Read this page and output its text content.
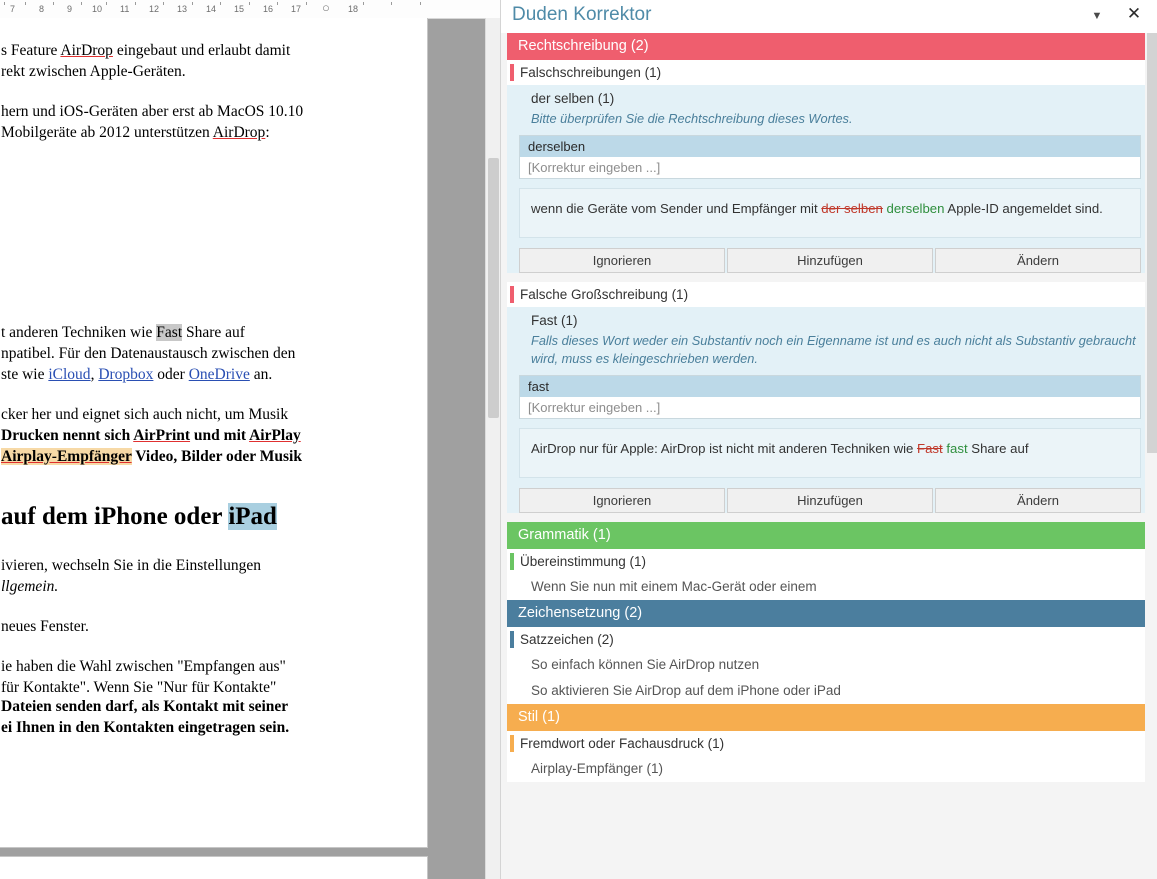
7	8	9 10 11 12 13 14 15 16 17	18
○
s Feature AirDrop eingebaut und erlaubt damit
rekt zwischen Apple-Geräten.
hern und iOS-Geräten aber erst ab MacOS 10.10
Mobilgeräte ab 2012 unterstützen AirDrop:
t anderen Techniken wie Fast Share auf
npatibel. Für den Datenaustausch zwischen den
ste wie iCloud, Dropbox oder OneDrive an.
cker her und eignet sich auch nicht, um Musik
Drucken nennt sich AirPrint und mit AirPlay
Airplay-Empfänger Video, Bilder oder Musik
auf dem iPhone oder iPad
ivieren, wechseln Sie in die Einstellungen
llgemein.
neues Fenster.
ie haben die Wahl zwischen "Empfangen aus"
für Kontakte". Wenn Sie "Nur für Kontakte"
Dateien senden darf, als Kontakt mit seiner
ei Ihnen in den Kontakten eingetragen sein.
Duden Korrektor	▼ ✕
Rechtschreibung (2)
Falschschreibungen (1)
der selben (1)
Bitte überprüfen Sie die Rechtschreibung dieses Wortes.
derselben
[Korrektur eingeben ...]
wenn die Geräte vom Sender und Empfänger mit der selben derselben Apple-ID angemeldet sind.
Ignorieren	Hinzufügen	Ändern
Falsche Großschreibung (1)
Fast (1)
Falls dieses Wort weder ein Substantiv noch ein Eigenname ist und es auch nicht als Substantiv gebraucht wird, muss es kleingeschrieben werden.
fast
[Korrektur eingeben ...]
AirDrop nur für Apple: AirDrop ist nicht mit anderen Techniken wie Fast fast Share auf
Ignorieren	Hinzufügen	Ändern
Grammatik (1)
Übereinstimmung (1)
Wenn Sie nun mit einem Mac-Gerät oder einem
Zeichensetzung (2)
Satzzeichen (2)
So einfach können Sie AirDrop nutzen
So aktivieren Sie AirDrop auf dem iPhone oder iPad
Stil (1)
Fremdwort oder Fachausdruck (1)
Airplay-Empfänger (1)
